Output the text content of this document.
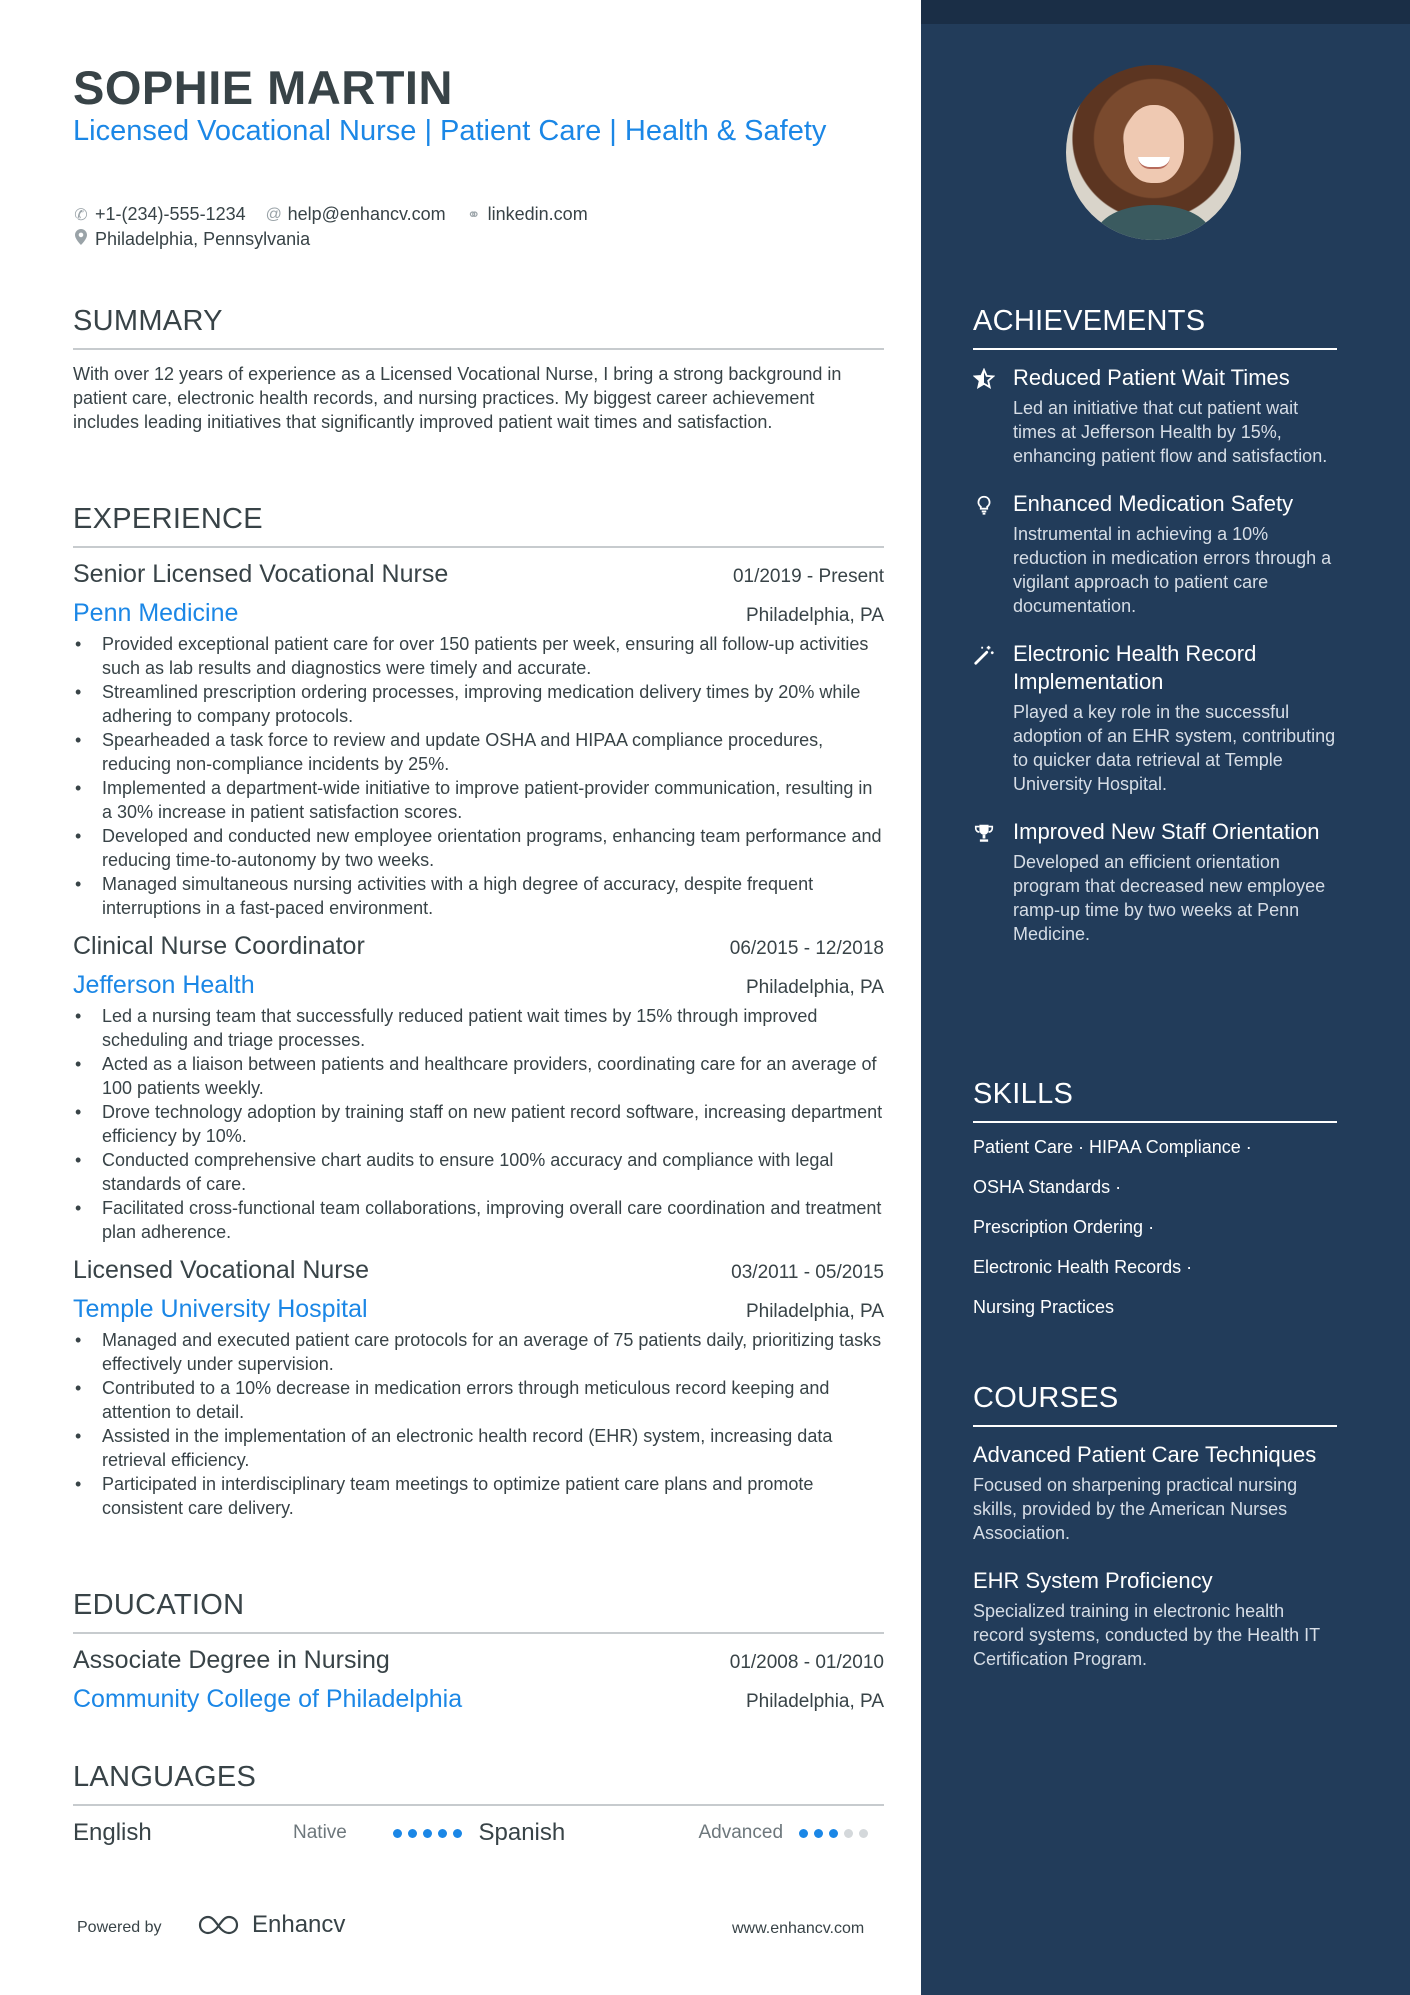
SOPHIE MARTIN
Licensed Vocational Nurse | Patient Care | Health & Safety
✆ +1-(234)-555-1234 @ help@enhancv.com ⚭ linkedin.com
Philadelphia, Pennsylvania
SUMMARY
With over 12 years of experience as a Licensed Vocational Nurse, I bring a strong background in patient care, electronic health records, and nursing practices. My biggest career achievement includes leading initiatives that significantly improved patient wait times and satisfaction.
EXPERIENCE
Senior Licensed Vocational Nurse	01/2019 - Present
Penn Medicine	Philadelphia, PA
• Provided exceptional patient care for over 150 patients per week, ensuring all follow-up activities such as lab results and diagnostics were timely and accurate.
• Streamlined prescription ordering processes, improving medication delivery times by 20% while adhering to company protocols.
• Spearheaded a task force to review and update OSHA and HIPAA compliance procedures, reducing non-compliance incidents by 25%.
• Implemented a department-wide initiative to improve patient-provider communication, resulting in a 30% increase in patient satisfaction scores.
• Developed and conducted new employee orientation programs, enhancing team performance and reducing time-to-autonomy by two weeks.
• Managed simultaneous nursing activities with a high degree of accuracy, despite frequent interruptions in a fast-paced environment.
Clinical Nurse Coordinator	06/2015 - 12/2018
Jefferson Health	Philadelphia, PA
• Led a nursing team that successfully reduced patient wait times by 15% through improved scheduling and triage processes.
• Acted as a liaison between patients and healthcare providers, coordinating care for an average of 100 patients weekly.
• Drove technology adoption by training staff on new patient record software, increasing department efficiency by 10%.
• Conducted comprehensive chart audits to ensure 100% accuracy and compliance with legal standards of care.
• Facilitated cross-functional team collaborations, improving overall care coordination and treatment plan adherence.
Licensed Vocational Nurse	03/2011 - 05/2015
Temple University Hospital	Philadelphia, PA
• Managed and executed patient care protocols for an average of 75 patients daily, prioritizing tasks effectively under supervision.
• Contributed to a 10% decrease in medication errors through meticulous record keeping and attention to detail.
• Assisted in the implementation of an electronic health record (EHR) system, increasing data retrieval efficiency.
• Participated in interdisciplinary team meetings to optimize patient care plans and promote consistent care delivery.
EDUCATION
Associate Degree in Nursing	01/2008 - 01/2010
Community College of Philadelphia	Philadelphia, PA
LANGUAGES
English	Native	Spanish	Advanced
Powered by	Enhancv	www.enhancv.com
ACHIEVEMENTS
Reduced Patient Wait Times
Led an initiative that cut patient wait times at Jefferson Health by 15%, enhancing patient flow and satisfaction.
Enhanced Medication Safety
Instrumental in achieving a 10% reduction in medication errors through a vigilant approach to patient care documentation.
Electronic Health Record Implementation
Played a key role in the successful adoption of an EHR system, contributing to quicker data retrieval at Temple University Hospital.
Improved New Staff Orientation
Developed an efficient orientation program that decreased new employee ramp-up time by two weeks at Penn Medicine.
SKILLS
Patient Care · HIPAA Compliance ·
OSHA Standards ·
Prescription Ordering ·
Electronic Health Records ·
Nursing Practices
COURSES
Advanced Patient Care Techniques
Focused on sharpening practical nursing skills, provided by the American Nurses Association.
EHR System Proficiency
Specialized training in electronic health record systems, conducted by the Health IT Certification Program.
